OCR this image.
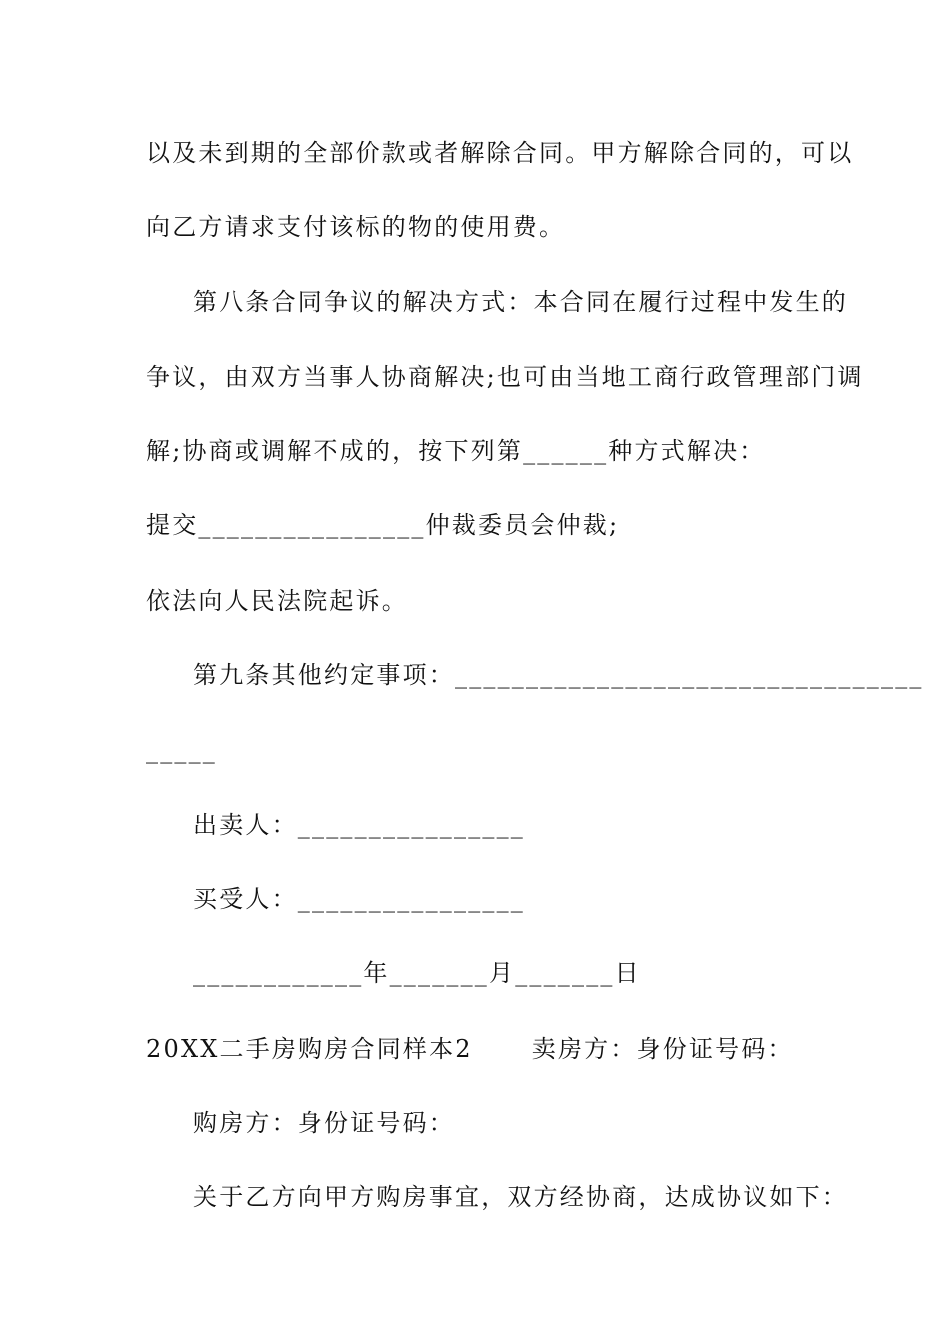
以及未到期的全部价款或者解除合同。甲方解除合同的，可以
向乙方请求支付该标的物的使用费。
第八条合同争议的解决方式：本合同在履行过程中发生的
争议，由双方当事人协商解决;也可由当地工商行政管理部门调
解;协商或调解不成的，按下列第______种方式解决：
提交________________仲裁委员会仲裁;
依法向人民法院起诉。
第九条其他约定事项：_________________________________
_____
出卖人：________________
买受人：________________
____________年_______月_______日
20XX二手房购房合同样本2      卖房方：身份证号码：
购房方：身份证号码：
关于乙方向甲方购房事宜，双方经协商，达成协议如下：
